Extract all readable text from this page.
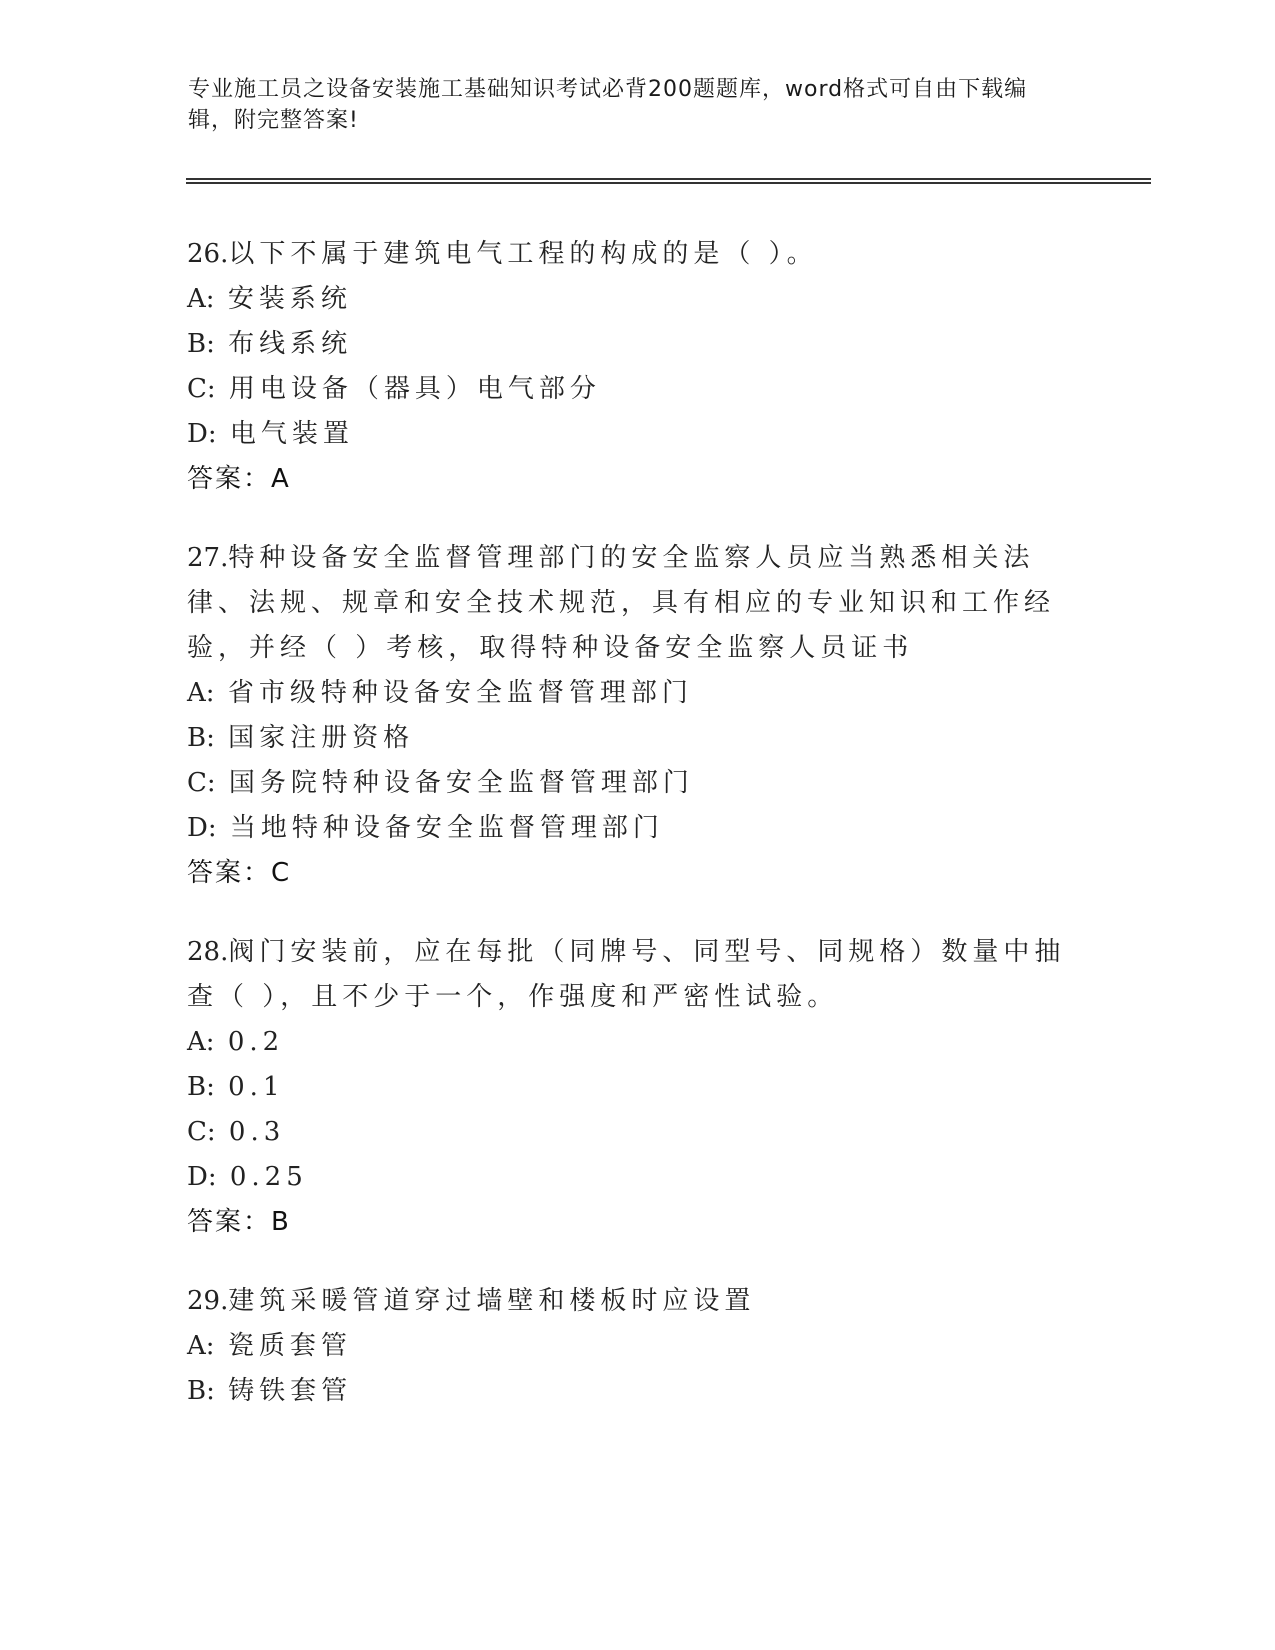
专业施工员之设备安装施工基础知识考试必背200题题库，word格式可自由下载编辑，附完整答案!
26.以下不属于建筑电气工程的构成的是（ ）。
A: 安装系统
B: 布线系统
C: 用电设备（器具）电气部分
D: 电气装置
答案：A
27.特种设备安全监督管理部门的安全监察人员应当熟悉相关法律、法规、规章和安全技术规范，具有相应的专业知识和工作经验，并经（ ）考核，取得特种设备安全监察人员证书
A: 省市级特种设备安全监督管理部门
B: 国家注册资格
C: 国务院特种设备安全监督管理部门
D: 当地特种设备安全监督管理部门
答案：C
28.阀门安装前，应在每批（同牌号、同型号、同规格）数量中抽查（ ），且不少于一个，作强度和严密性试验。
A: 0.2
B: 0.1
C: 0.3
D: 0.25
答案：B
29.建筑采暖管道穿过墙壁和楼板时应设置
A: 瓷质套管
B: 铸铁套管
